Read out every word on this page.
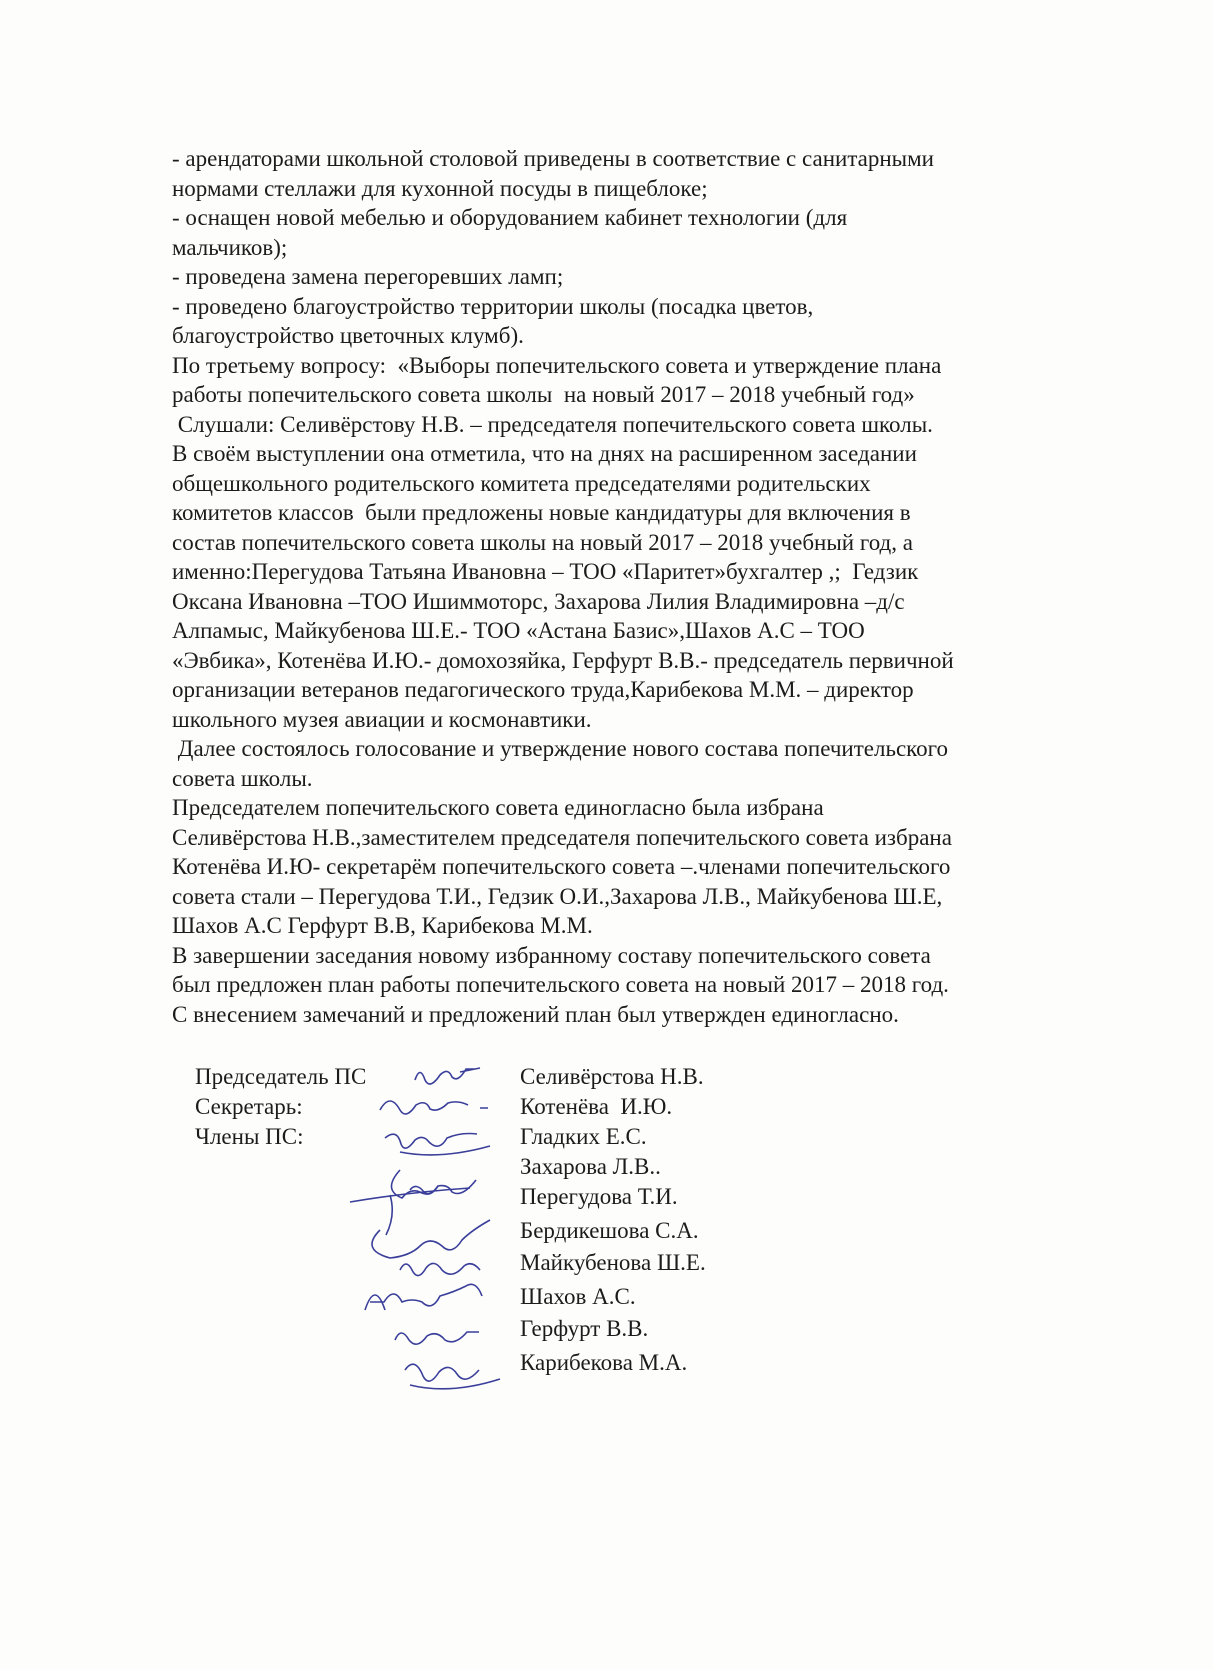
- арендаторами школьной столовой приведены в соответствие с санитарными
нормами стеллажи для кухонной посуды в пищеблоке;
- оснащен новой мебелью и оборудованием кабинет технологии (для
мальчиков);
- проведена замена перегоревших ламп;
- проведено благоустройство территории школы (посадка цветов,
благоустройство цветочных клумб).
По третьему вопросу:  «Выборы попечительского совета и утверждение плана
работы попечительского совета школы  на новый 2017 – 2018 учебный год»
Слушали: Селивёрстову Н.В. – председателя попечительского совета школы.
В своём выступлении она отметила, что на днях на расширенном заседании
общешкольного родительского комитета председателями родительских
комитетов классов  были предложены новые кандидатуры для включения в
состав попечительского совета школы на новый 2017 – 2018 учебный год, а
именно:Перегудова Татьяна Ивановна – ТОО «Паритет»бухгалтер ,;  Гедзик
Оксана Ивановна –ТОО Ишиммоторс, Захарова Лилия Владимировна –д/с
Алпамыс, Майкубенова Ш.Е.- ТОО «Астана Базис»,Шахов А.С – ТОО
«Эвбика», Котенёва И.Ю.- домохозяйка, Герфурт В.В.- председатель первичной
организации ветеранов педагогического труда,Карибекова М.М. – директор
школьного музея авиации и космонавтики.
Далее состоялось голосование и утверждение нового состава попечительского
совета школы.
Председателем попечительского совета единогласно была избрана
Селивёрстова Н.В.,заместителем председателя попечительского совета избрана
Котенёва И.Ю- секретарём попечительского совета –.членами попечительского
совета стали – Перегудова Т.И., Гедзик О.И.,Захарова Л.В., Майкубенова Ш.Е,
Шахов А.С Герфурт В.В, Карибекова М.М.
В завершении заседания новому избранному составу попечительского совета
был предложен план работы попечительского совета на новый 2017 – 2018 год.
С внесением замечаний и предложений план был утвержден единогласно.
Председатель ПС
Секретарь:
Члены ПС:
Селивёрстова Н.В.
Котенёва  И.Ю.
Гладких Е.С.
Захарова Л.В..
Перегудова Т.И.
Бердикешова С.А.
Майкубенова Ш.Е.
Шахов А.С.
Герфурт В.В.
Карибекова М.А.
